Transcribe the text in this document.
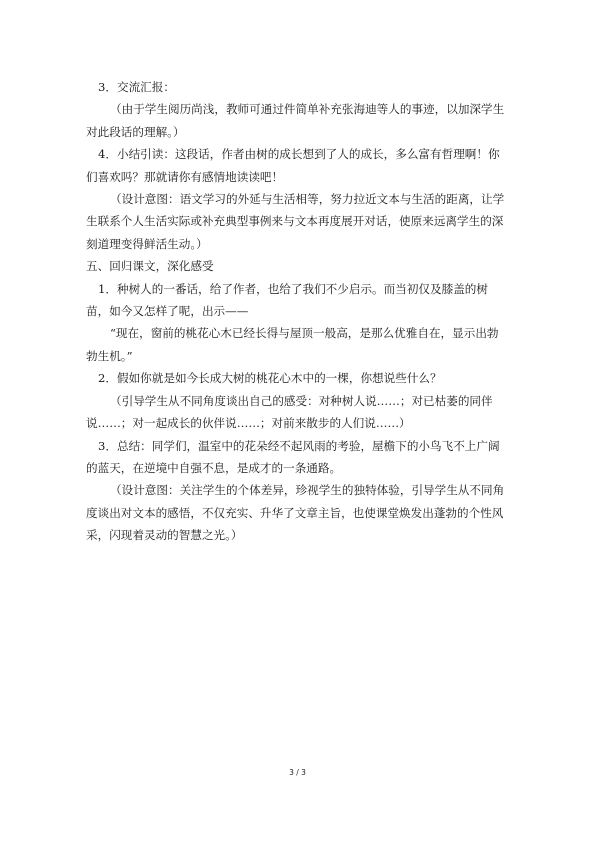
3．交流汇报：

（由于学生阅历尚浅，教师可通过件简单补充张海迪等人的事迹，以加深学生对此段话的理解。）

4．小结引读：这段话，作者由树的成长想到了人的成长，多么富有哲理啊！你们喜欢吗？那就请你有感情地读读吧！

（设计意图：语文学习的外延与生活相等，努力拉近文本与生活的距离，让学生联系个人生活实际或补充典型事例来与文本再度展开对话，使原来远离学生的深刻道理变得鲜活生动。）

五、回归课文，深化感受

1．种树人的一番话，给了作者，也给了我们不少启示。而当初仅及膝盖的树苗，如今又怎样了呢，出示——

“现在，窗前的桃花心木已经长得与屋顶一般高，是那么优雅自在，显示出勃勃生机。”

2．假如你就是如今长成大树的桃花心木中的一棵，你想说些什么？

（引导学生从不同角度谈出自己的感受：对种树人说……；对已枯萎的同伴说……；对一起成长的伙伴说……；对前来散步的人们说……）

3．总结：同学们，温室中的花朵经不起风雨的考验，屋檐下的小鸟飞不上广阔的蓝天，在逆境中自强不息，是成才的一条通路。

（设计意图：关注学生的个体差异，珍视学生的独特体验，引导学生从不同角度谈出对文本的感悟，不仅充实、升华了文章主旨，也使课堂焕发出蓬勃的个性风采，闪现着灵动的智慧之光。）

3 / 3
